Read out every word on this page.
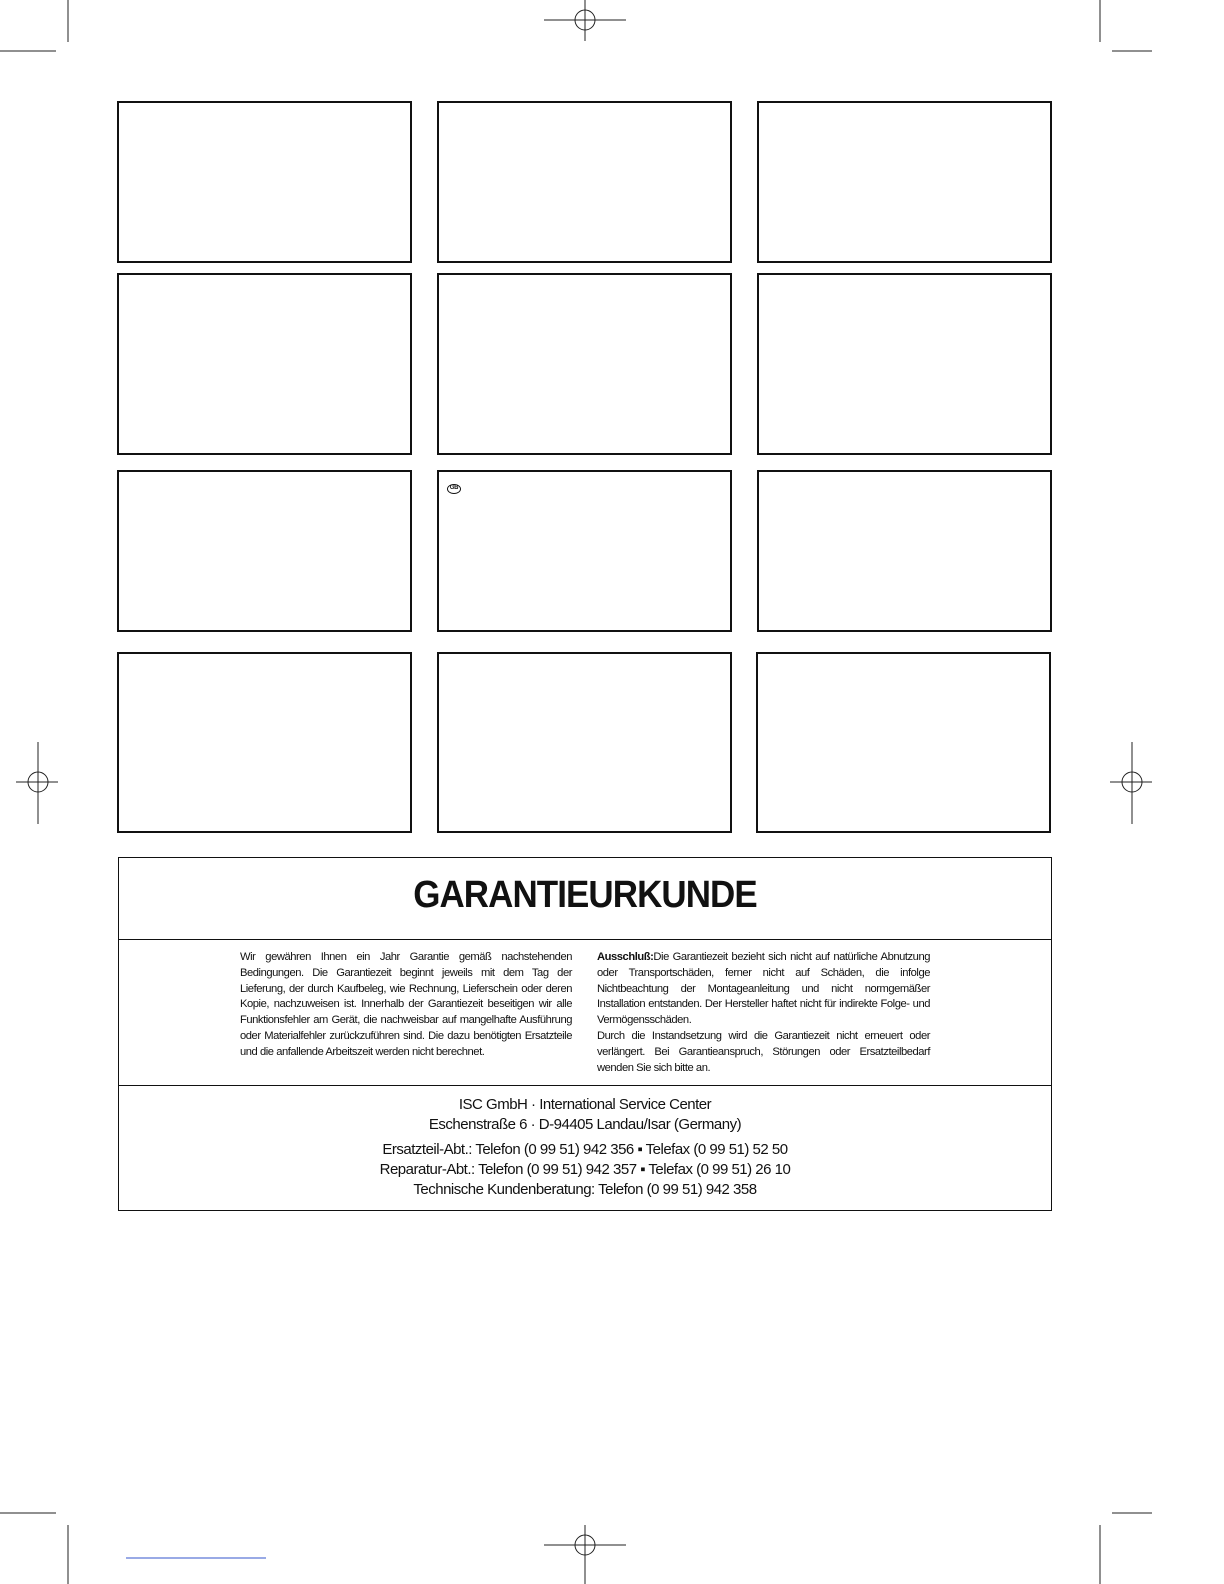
GB
GARANTIEURKUNDE

Wir gewähren Ihnen ein Jahr Garantie gemäß nachstehenden Bedingungen. Die Garantiezeit beginnt jeweils mit dem Tag der Lieferung, der durch Kaufbeleg, wie Rechnung, Lieferschein oder deren Kopie, nachzuweisen ist. Innerhalb der Garantiezeit beseitigen wir alle Funktionsfehler am Gerät, die nachweisbar auf mangelhafte Ausführung oder Materialfehler zurückzuführen sind. Die dazu benötigten Ersatzteile und die anfallende Arbeitszeit werden nicht berechnet.

Ausschluß:Die Garantiezeit bezieht sich nicht auf natürliche Abnutzung oder Transportschäden, ferner nicht auf Schäden, die infolge Nichtbeachtung der Montageanleitung und nicht normgemäßer Installation entstanden. Der Hersteller haftet nicht für indirekte Folge- und Vermögensschäden.

Durch die Instandsetzung wird die Garantiezeit nicht erneuert oder verlängert. Bei Garantieanspruch, Störungen oder Ersatzteilbedarf wenden Sie sich bitte an.

ISC GmbH · International Service Center
Eschenstraße 6 · D-94405 Landau/Isar (Germany)
Ersatzteil-Abt.: Telefon (0 99 51) 942 356 ▪ Telefax (0 99 51) 52 50
Reparatur-Abt.: Telefon (0 99 51) 942 357 ▪ Telefax (0 99 51) 26 10
Technische Kundenberatung: Telefon (0 99 51) 942 358
